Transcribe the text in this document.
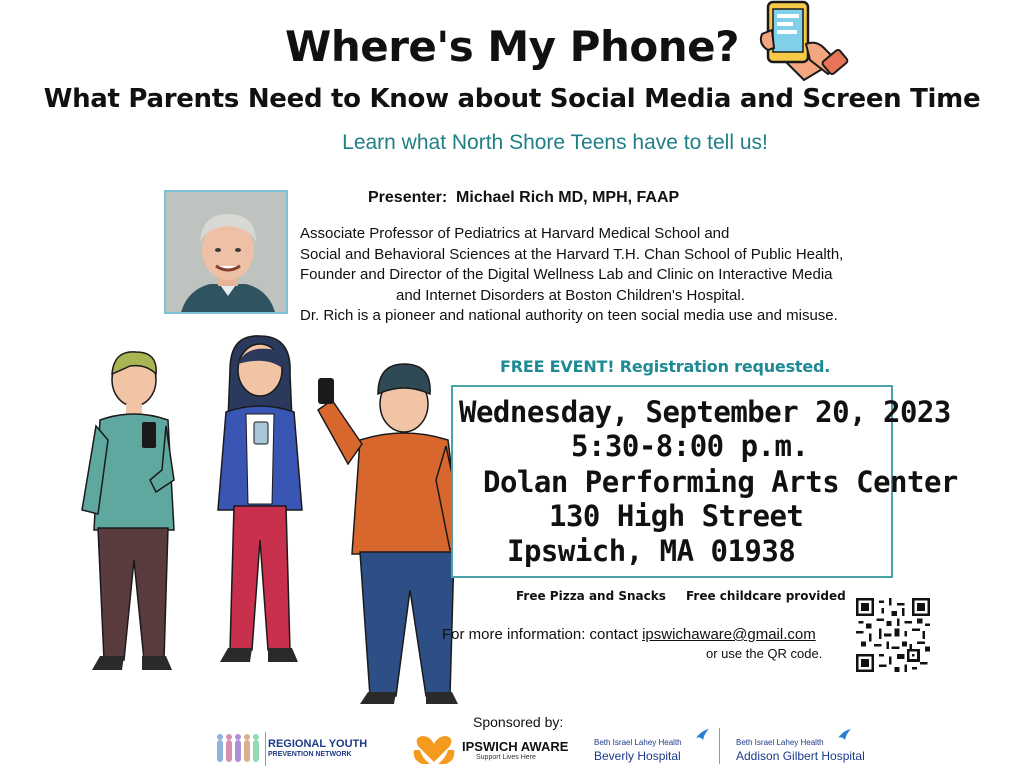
Where's My Phone?
What Parents Need to Know about Social Media and Screen Time
Learn what North Shore Teens have to tell us!
Presenter: Michael Rich MD, MPH, FAAP
Associate Professor of Pediatrics at Harvard Medical School and
Social and Behavioral Sciences at the Harvard T.H. Chan School of Public Health,
Founder and Director of the Digital Wellness Lab and Clinic on Interactive Media
and Internet Disorders at Boston Children's Hospital.
Dr. Rich is a pioneer and national authority on teen social media use and misuse.
FREE EVENT! Registration requested.
Wednesday, September 20, 2023
5:30-8:00 p.m.
Dolan Performing Arts Center
130 High Street
Ipswich, MA 01938
Free Pizza and Snacks Free childcare provided
For more information: contact ipswichaware@gmail.com
or use the QR code.
Sponsored by:
REGIONAL YOUTH
PREVENTION NETWORK
IPSWICH AWARE
Support Lives Here
Beth Israel Lahey Health
Beverly Hospital
Beth Israel Lahey Health
Addison Gilbert Hospital
